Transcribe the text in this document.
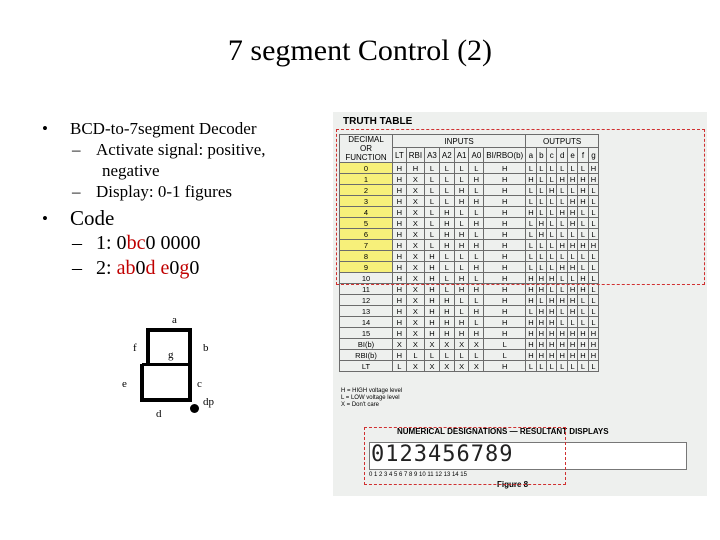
7 segment Control (2)

• BCD-to-7segment Decoder

– Activate signal: positive,

negative

– Display: 0-1 figures

• Code

– 1: 0bc0 0000

– 2: ab0d e0g0

a
b
c
d
e
f
g
dp
TRUTH TABLE
DECIMAL OR FUNCTION	INPUTS							OUTPUTS						
	LT	RBI	A3	A2	A1	A0	BI/RBO(b)	a	b	c	d	e	f	g
0	H	H	L	L	L	L	H	L	L	L	L	L	L	H
1	H	X	L	L	L	H	H	H	L	L	H	H	H	H
2	H	X	L	L	H	L	H	L	L	H	L	L	H	L
3	H	X	L	L	H	H	H	L	L	L	L	H	H	L
4	H	X	L	H	L	L	H	H	L	L	H	H	L	L
5	H	X	L	H	L	H	H	L	H	L	L	H	L	L
6	H	X	L	H	H	L	H	L	H	L	L	L	L	L
7	H	X	L	H	H	H	H	L	L	L	H	H	H	H
8	H	X	H	L	L	L	H	L	L	L	L	L	L	L
9	H	X	H	L	L	H	H	L	L	L	H	H	L	L
10	H	X	H	L	H	L	H	H	H	H	L	L	H	L
11	H	X	H	L	H	H	H	H	H	L	L	H	H	L
12	H	X	H	H	L	L	H	H	L	H	H	H	L	L
13	H	X	H	H	L	H	H	L	H	H	L	H	L	L
14	H	X	H	H	H	L	H	H	H	H	L	L	L	L
15	H	X	H	H	H	H	H	H	H	H	H	H	H	H
BI(b)	X	X	X	X	X	X	L	H	H	H	H	H	H	H
RBI(b)	H	L	L	L	L	L	L	H	H	H	H	H	H	H
LT	L	X	X	X	X	X	H	L	L	L	L	L	L	L
H = HIGH voltage level
L = LOW voltage level
X = Don't care
NUMERICAL DESIGNATIONS — RESULTANT DISPLAYS
0123456789
0 1 2 3 4 5 6 7 8 9 10 11 12 13 14 15
Figure 8
